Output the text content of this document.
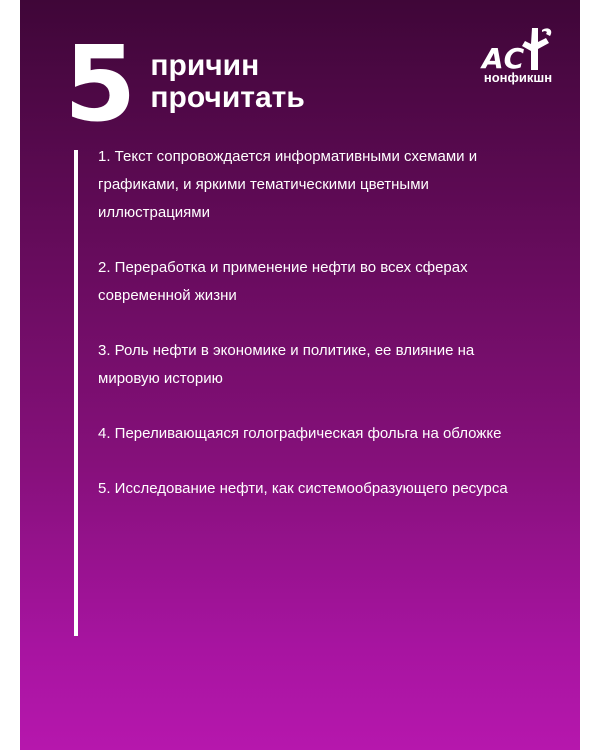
5 причин
прочитать
АС
нонфикшн
1. Текст сопровождается информативными схемами и графиками, и яркими тематическими цветными иллюстрациями
2. Переработка и применение нефти во всех сферах современной жизни
3. Роль нефти в экономике и политике, ее влияние на мировую историю
4. Переливающаяся голографическая фольга на обложке
5. Исследование нефти, как системообразующего ресурса
